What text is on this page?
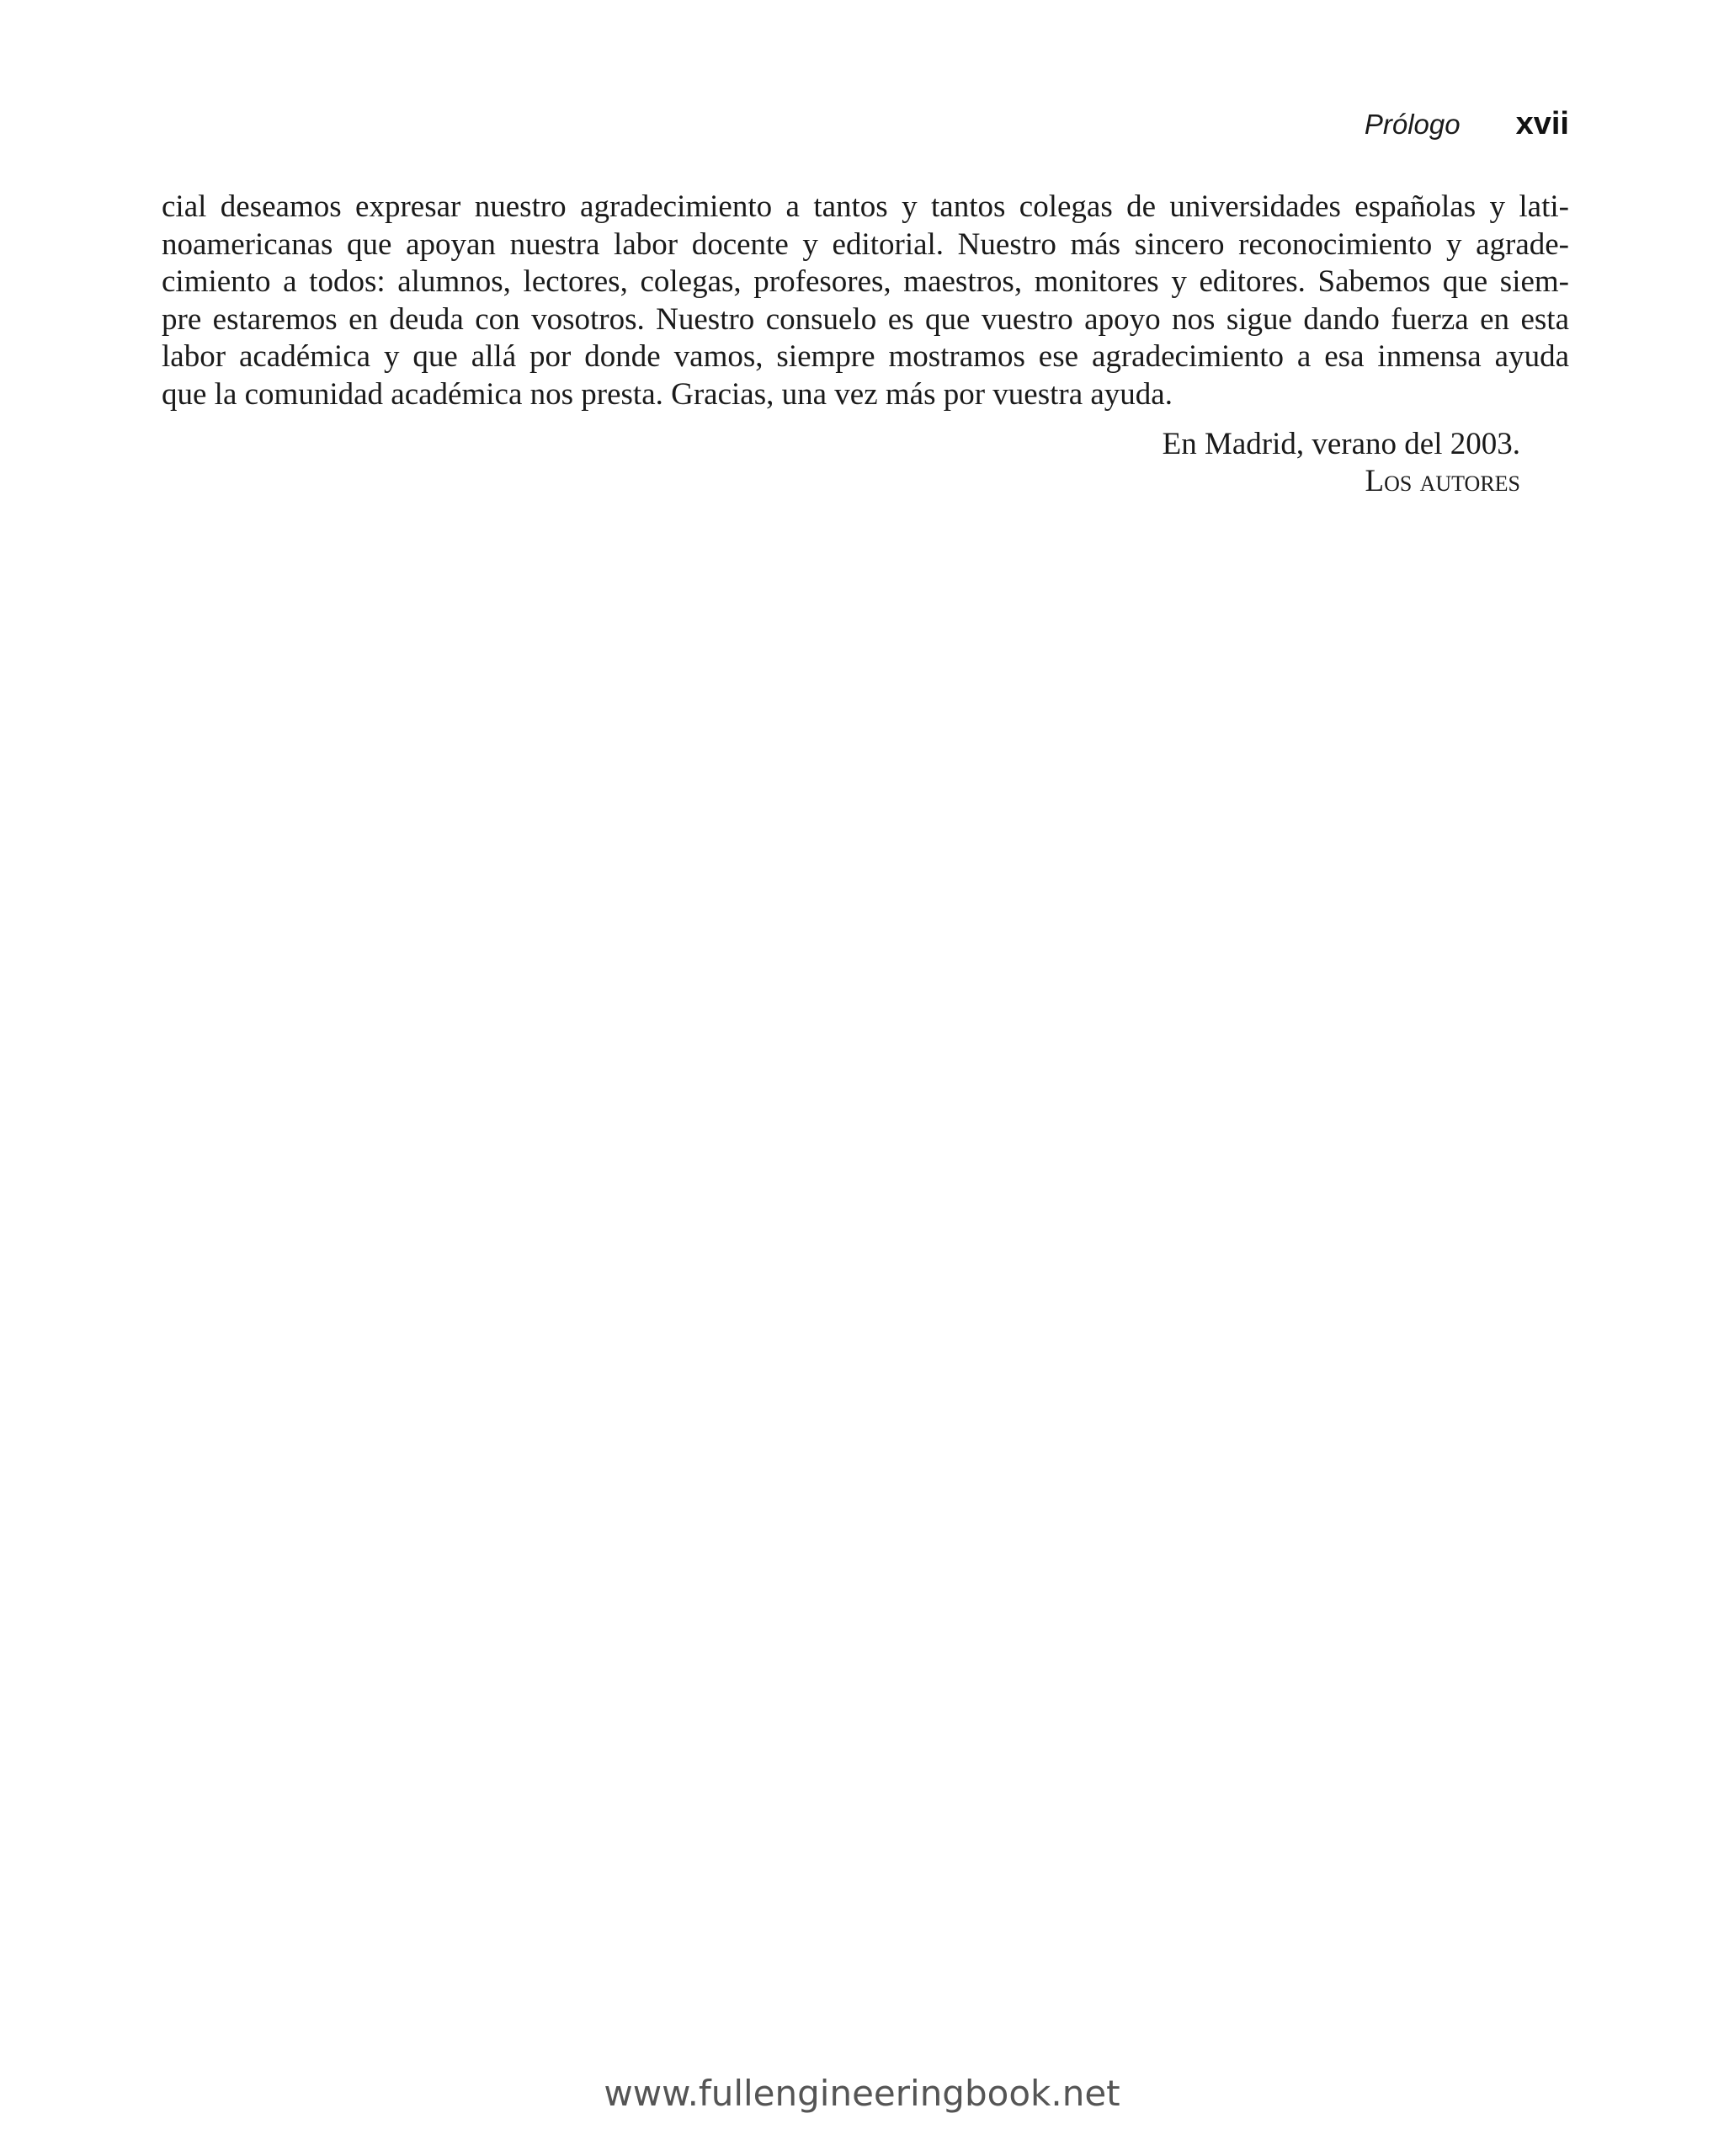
Prólogo xvii

cial deseamos expresar nuestro agradecimiento a tantos y tantos colegas de universidades españolas y lati-
noamericanas que apoyan nuestra labor docente y editorial. Nuestro más sincero reconocimiento y agrade-
cimiento a todos: alumnos, lectores, colegas, profesores, maestros, monitores y editores. Sabemos que siem-
pre estaremos en deuda con vosotros. Nuestro consuelo es que vuestro apoyo nos sigue dando fuerza en esta
labor académica y que allá por donde vamos, siempre mostramos ese agradecimiento a esa inmensa ayuda
que la comunidad académica nos presta. Gracias, una vez más por vuestra ayuda.

En Madrid, verano del 2003.
Los autores
www.fullengineeringbook.net
